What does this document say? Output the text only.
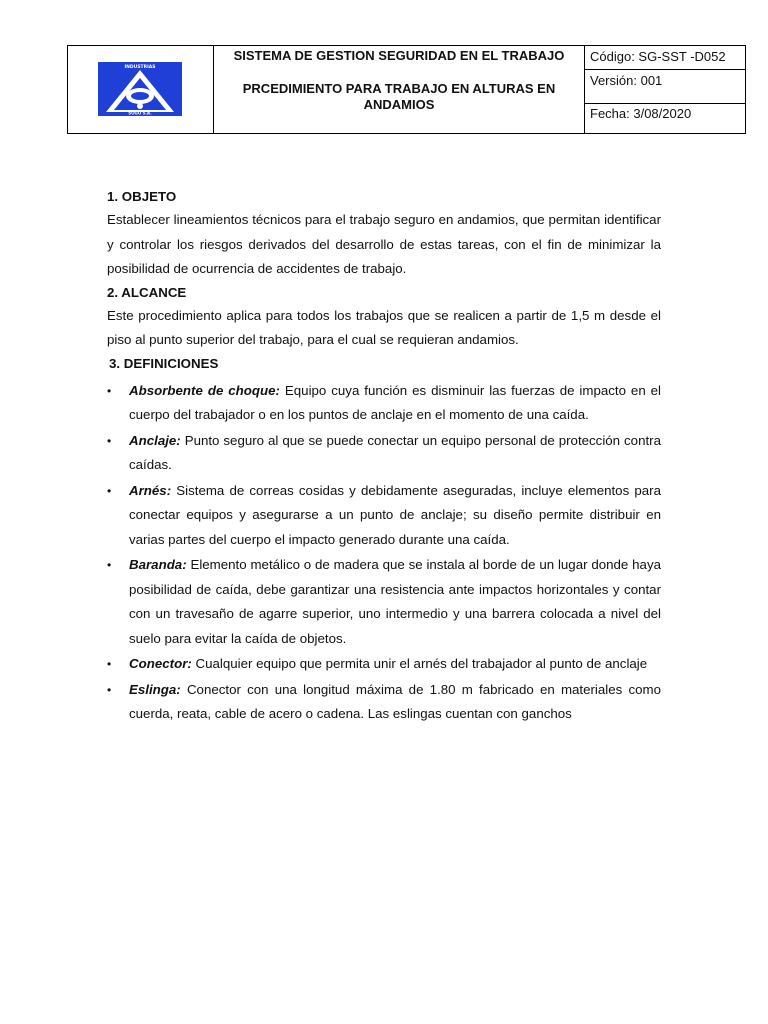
INDUSTRIAS
SOGO S.A.

SISTEMA DE GESTION SEGURIDAD EN EL TRABAJO
PRCEDIMIENTO PARA TRABAJO EN ALTURAS EN ANDAMIOS

Código: SG-SST -D052

Versión: 001

Fecha: 3/08/2020
1. OBJETO

Establecer lineamientos técnicos para el trabajo seguro en andamios, que permitan identificar y controlar los riesgos derivados del desarrollo de estas tareas, con el fin de minimizar la posibilidad de ocurrencia de accidentes de trabajo.

2. ALCANCE

Este procedimiento aplica para todos los trabajos que se realicen a partir de 1,5 m desde el piso al punto superior del trabajo, para el cual se requieran andamios.

3. DEFINICIONES
• Absorbente de choque: Equipo cuya función es disminuir las fuerzas de impacto en el cuerpo del trabajador o en los puntos de anclaje en el momento de una caída.
• Anclaje: Punto seguro al que se puede conectar un equipo personal de protección contra caídas.
• Arnés: Sistema de correas cosidas y debidamente aseguradas, incluye elementos para conectar equipos y asegurarse a un punto de anclaje; su diseño permite distribuir en varias partes del cuerpo el impacto generado durante una caída.
• Baranda: Elemento metálico o de madera que se instala al borde de un lugar donde haya posibilidad de caída, debe garantizar una resistencia ante impactos horizontales y contar con un travesaño de agarre superior, uno intermedio y una barrera colocada a nivel del suelo para evitar la caída de objetos.
• Conector: Cualquier equipo que permita unir el arnés del trabajador al punto de anclaje
• Eslinga: Conector con una longitud máxima de 1.80 m fabricado en materiales como cuerda, reata, cable de acero o cadena. Las eslingas cuentan con ganchos
